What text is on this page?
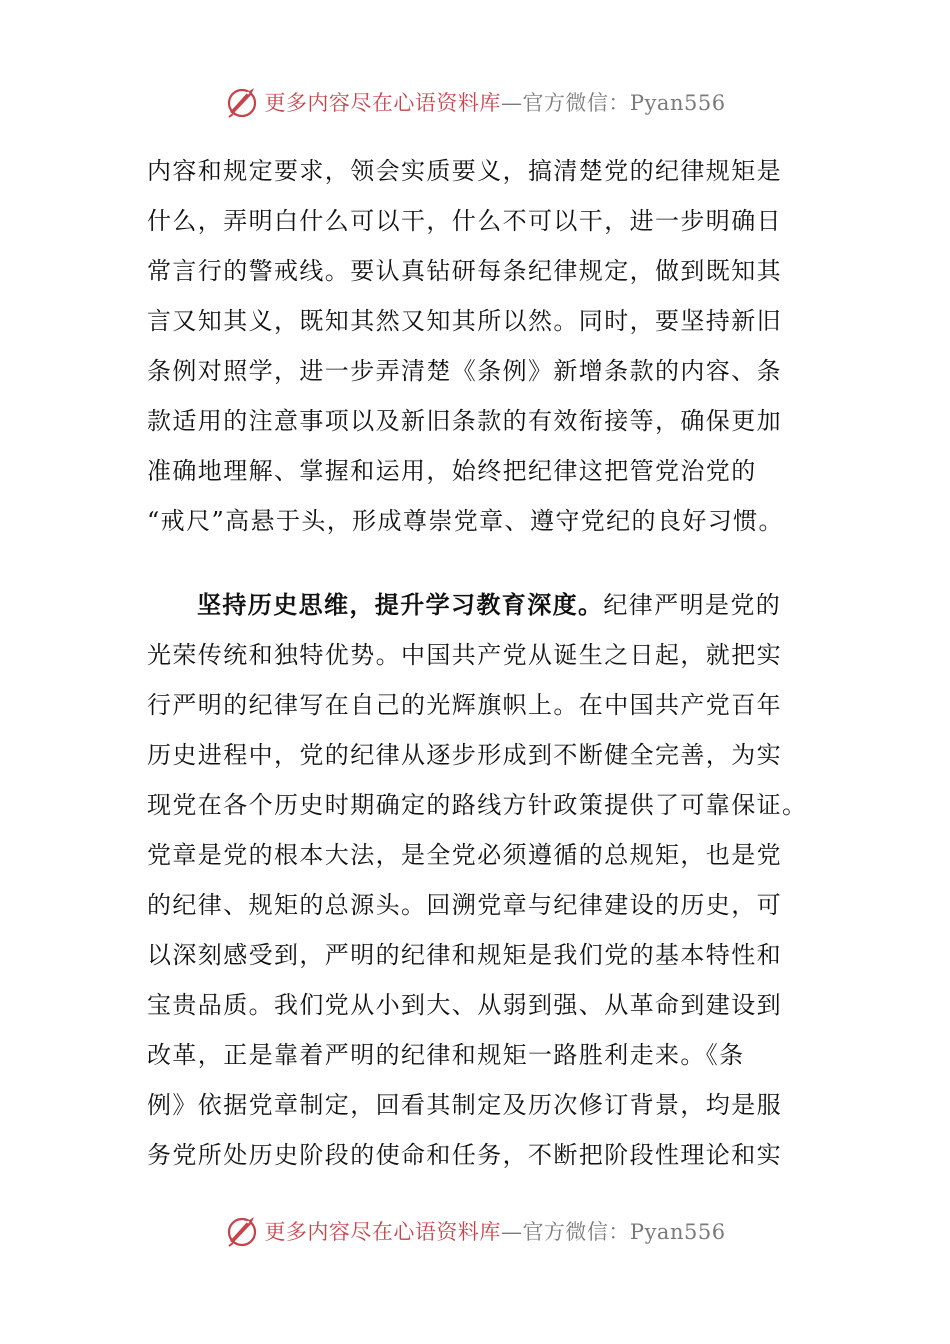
更多内容尽在心语资料库—官方微信：Pyan556
内容和规定要求，领会实质要义，搞清楚党的纪律规矩是
什么，弄明白什么可以干，什么不可以干，进一步明确日
常言行的警戒线。要认真钻研每条纪律规定，做到既知其
言又知其义，既知其然又知其所以然。同时，要坚持新旧
条例对照学，进一步弄清楚《条例》新增条款的内容、条
款适用的注意事项以及新旧条款的有效衔接等，确保更加
准确地理解、掌握和运用，始终把纪律这把管党治党的
“戒尺”高悬于头，形成尊崇党章、遵守党纪的良好习惯。
坚持历史思维，提升学习教育深度。纪律严明是党的
光荣传统和独特优势。中国共产党从诞生之日起，就把实
行严明的纪律写在自己的光辉旗帜上。在中国共产党百年
历史进程中，党的纪律从逐步形成到不断健全完善，为实
现党在各个历史时期确定的路线方针政策提供了可靠保证。
党章是党的根本大法，是全党必须遵循的总规矩，也是党
的纪律、规矩的总源头。回溯党章与纪律建设的历史，可
以深刻感受到，严明的纪律和规矩是我们党的基本特性和
宝贵品质。我们党从小到大、从弱到强、从革命到建设到
改革，正是靠着严明的纪律和规矩一路胜利走来。《条
例》依据党章制定，回看其制定及历次修订背景，均是服
务党所处历史阶段的使命和任务，不断把阶段性理论和实
更多内容尽在心语资料库—官方微信：Pyan556
